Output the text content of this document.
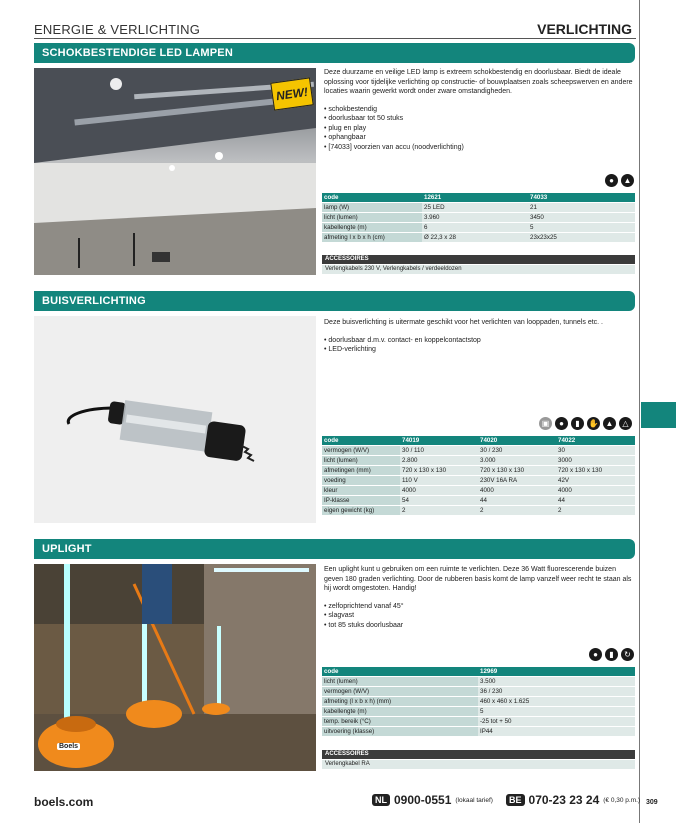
ENERGIE & VERLICHTING	VERLICHTING
SCHOKBESTENDIGE LED LAMPEN
NEW!
Deze duurzame en veilige LED lamp is extreem schokbestendig en doorlusbaar. Biedt de ideale oplossing voor tijdelijke verlichting op constructie- of bouwplaatsen zoals scheepswerven en andere locaties waarin gewerkt wordt onder zware omstandigheden.
• schokbestendig
• doorlusbaar tot 50 stuks
• plug en play
• ophangbaar
• [74033] voorzien van accu (noodverlichting)
●	▲
code	12621	74033
lamp (W)	25 LED	21
licht (lumen)	3.960	3450
kabellengte (m)	6	5
afmeting l x b x h (cm)	Ø 22,3 x 28	23x23x25
ACCESSOIRES
Verlengkabels 230 V, Verlengkabels / verdeeldozen
BUISVERLICHTING
Deze buisverlichting is uitermate geschikt voor het verlichten van looppaden, tunnels etc. .
• doorlusbaar d.m.v. contact- en koppelcontactstop
• LED-verlichting
▣	●	▮	✋ ▲	△
code	74019	74020	74022
vermogen (W/V)	30 / 110	30 / 230	30
licht (lumen)	2.800	3.000	3000
afmetingen (mm)	720 x 130 x 130	720 x 130 x 130	720 x 130 x 130
voeding	110 V	230V 16A RA	42V
kleur	4000	4000	4000
IP-klasse	54	44	44
eigen gewicht (kg)	2	2	2
UPLIGHT
Boels
Een uplight kunt u gebruiken om een ruimte te verlichten. Deze 36 Watt fluorescerende buizen geven 180 graden verlichting. Door de rubberen basis komt de lamp vanzelf weer recht te staan als hij wordt omgestoten. Handig!
• zelfoprichtend vanaf 45°
• slagvast
• tot 85 stuks doorlusbaar
●	▮	↻
code	12969
licht (lumen)	3.500
vermogen (W/V)	36 / 230
afmeting (l x b x h) (mm)	460 x 460 x 1.625
kabellengte (m)	5
temp. bereik (°C)	-25 tot + 50
uitvoering (klasse)	IP44
ACCESSOIRES
Verlengkabel RA
boels.com	NL 0900-0551 (lokaal tarief)	BE 070-23 23 24 (€ 0,30 p.m.) 309
